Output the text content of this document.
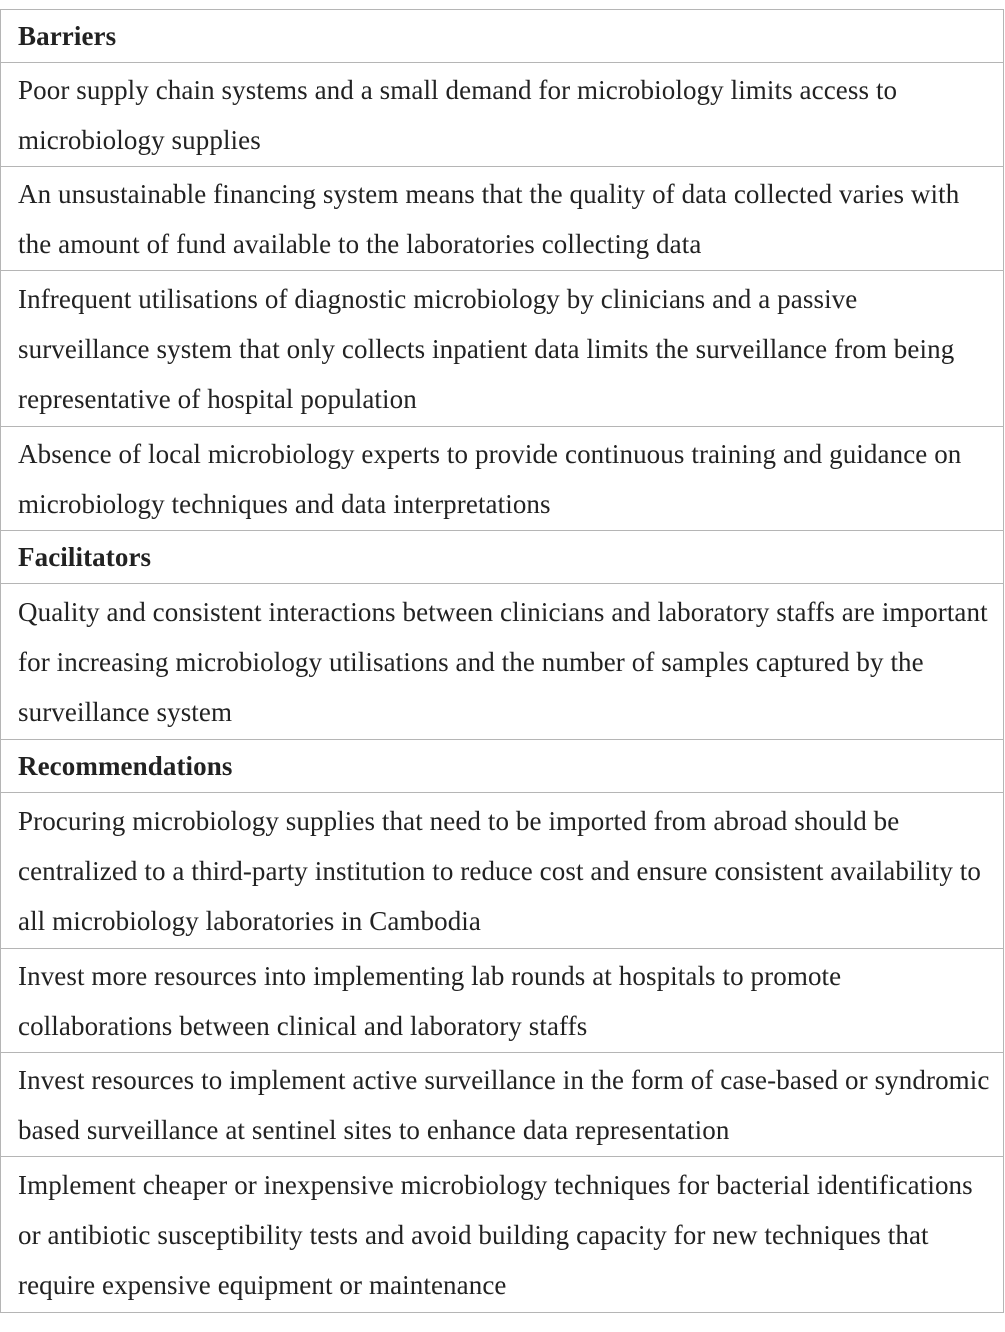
Barriers
Poor supply chain systems and a small demand for microbiology limits access to microbiology supplies
An unsustainable financing system means that the quality of data collected varies with the amount of fund available to the laboratories collecting data
Infrequent utilisations of diagnostic microbiology by clinicians and a passive surveillance system that only collects inpatient data limits the surveillance from being representative of hospital population
Absence of local microbiology experts to provide continuous training and guidance on microbiology techniques and data interpretations
Facilitators
Quality and consistent interactions between clinicians and laboratory staffs are important for increasing microbiology utilisations and the number of samples captured by the surveillance system
Recommendations
Procuring microbiology supplies that need to be imported from abroad should be centralized to a third-party institution to reduce cost and ensure consistent availability to all microbiology laboratories in Cambodia
Invest more resources into implementing lab rounds at hospitals to promote collaborations between clinical and laboratory staffs
Invest resources to implement active surveillance in the form of case-based or syndromic based surveillance at sentinel sites to enhance data representation
Implement cheaper or inexpensive microbiology techniques for bacterial identifications or antibiotic susceptibility tests and avoid building capacity for new techniques that require expensive equipment or maintenance
